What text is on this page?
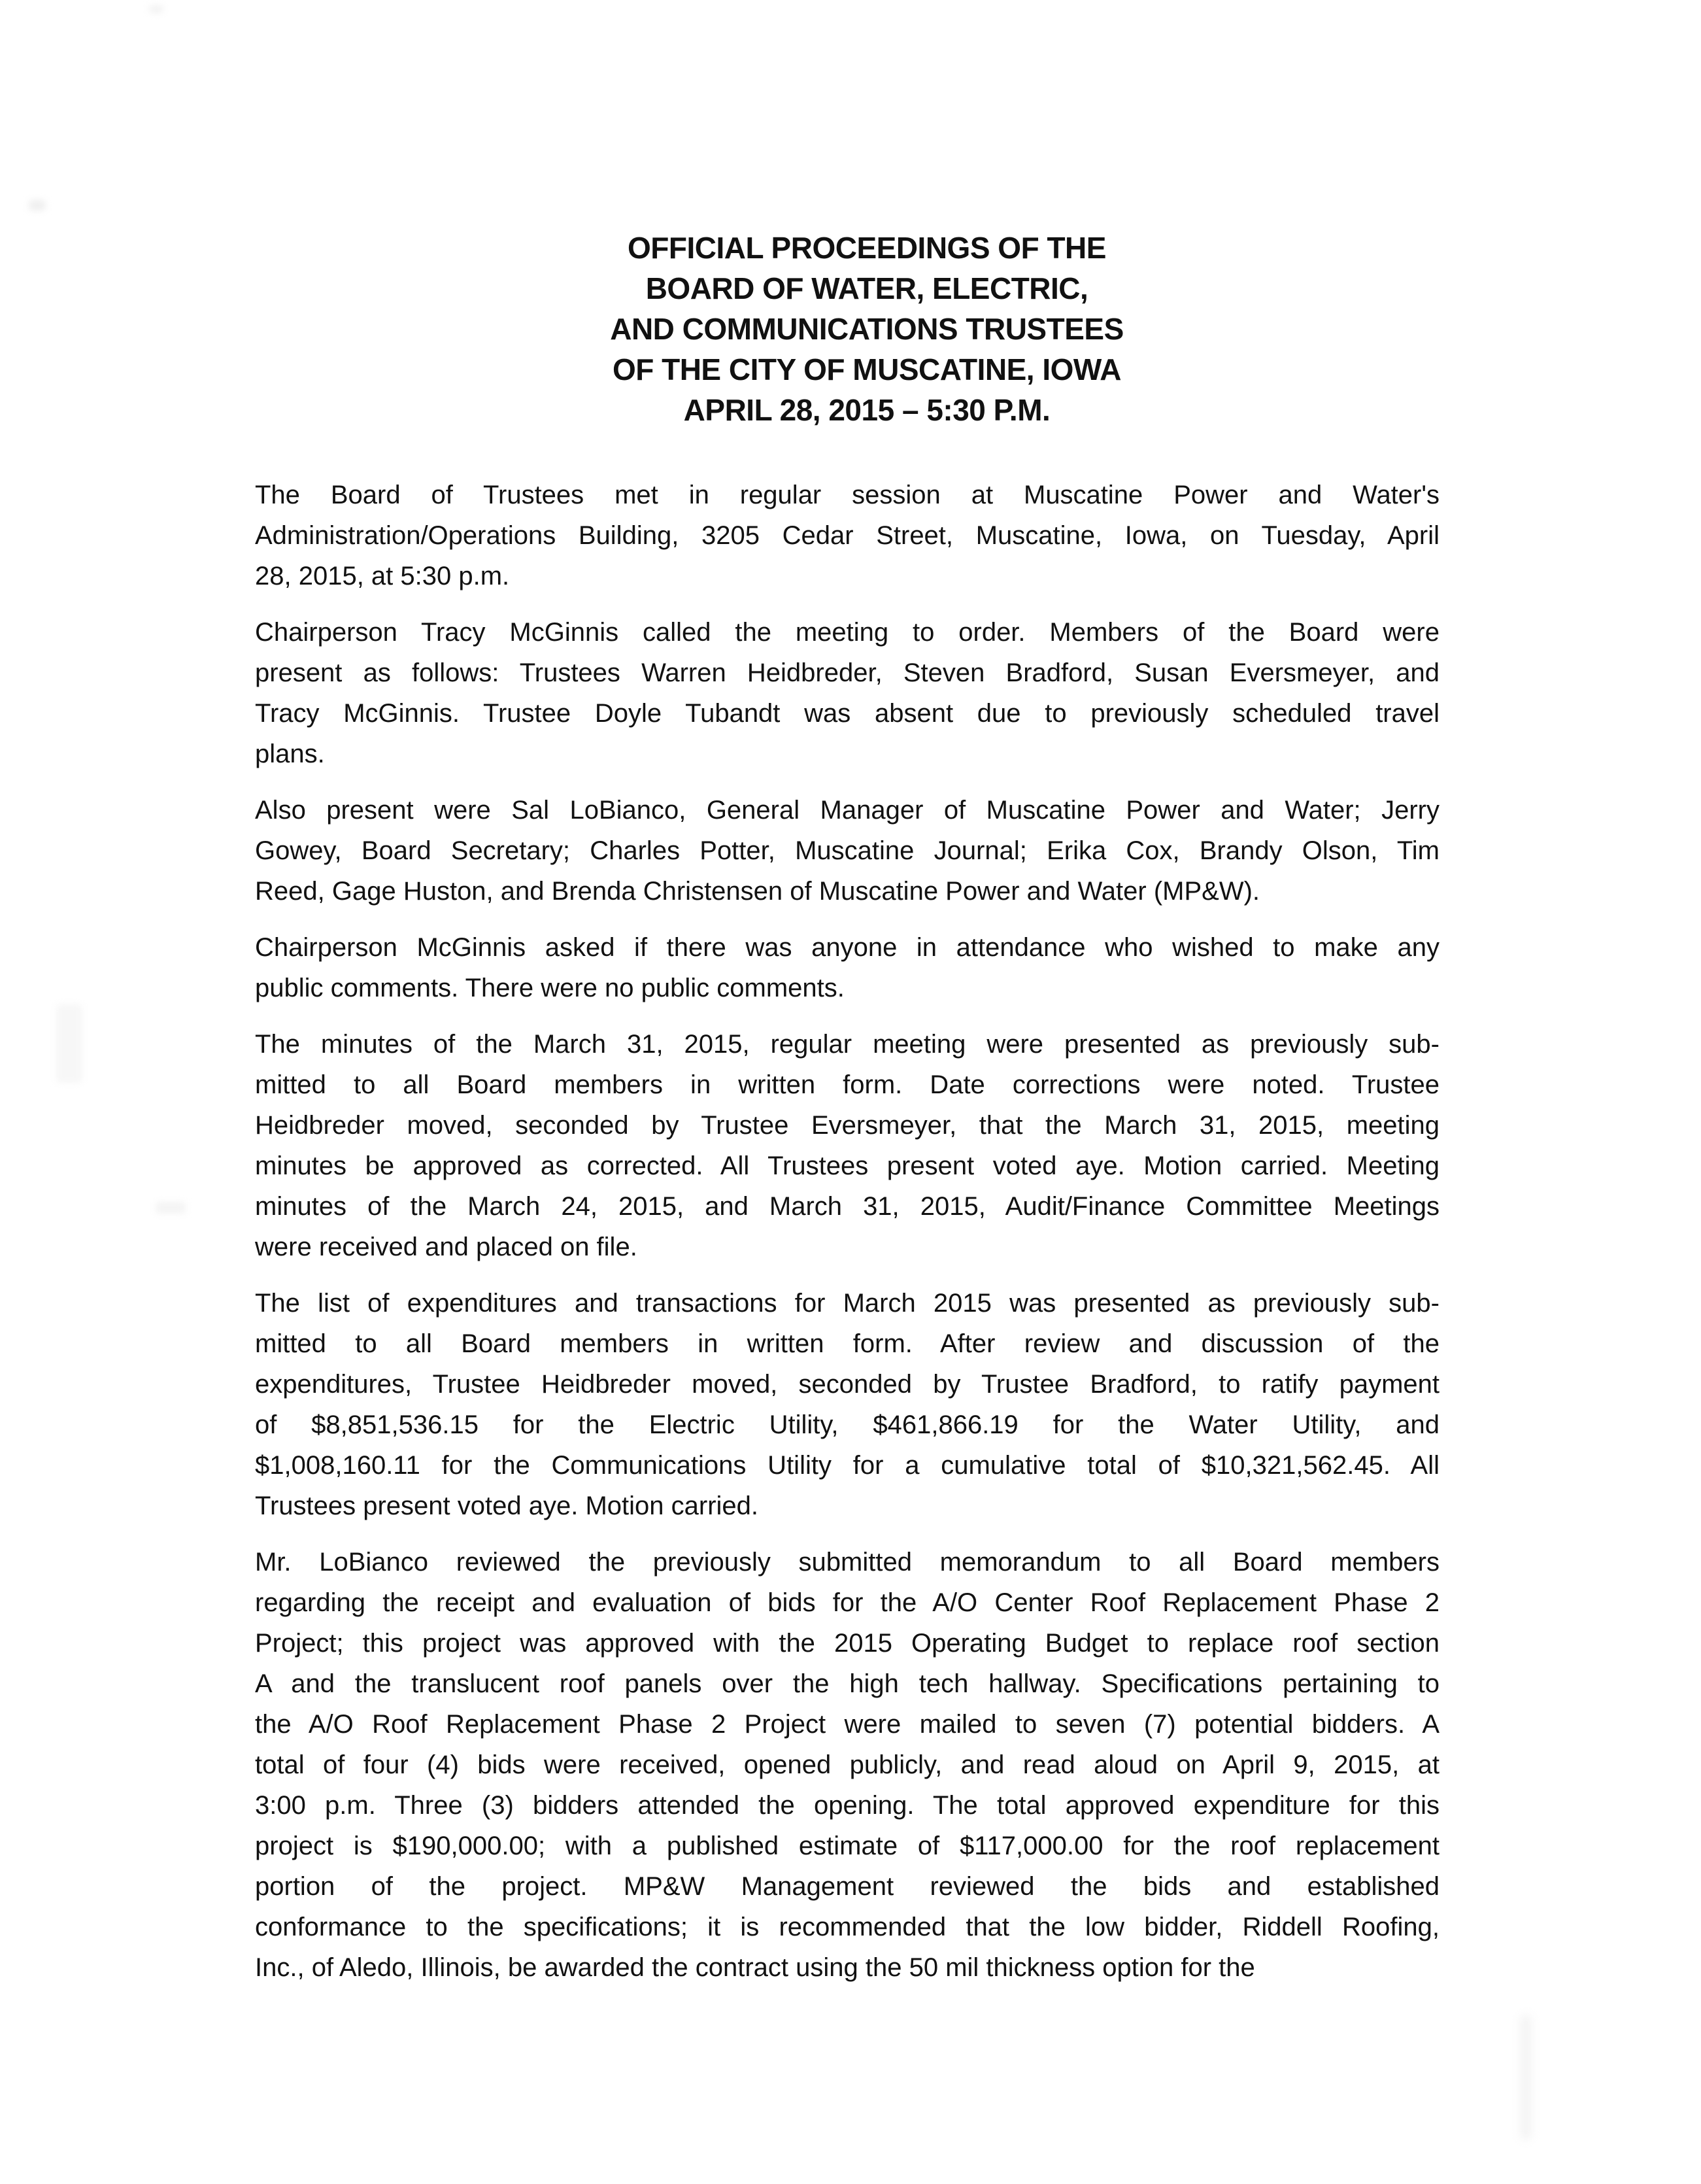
OFFICIAL PROCEEDINGS OF THE
BOARD OF WATER, ELECTRIC,
AND COMMUNICATIONS TRUSTEES
OF THE CITY OF MUSCATINE, IOWA
APRIL 28, 2015 – 5:30 P.M.

The Board of Trustees met in regular session at Muscatine Power and Water's
Administration/Operations Building, 3205 Cedar Street, Muscatine, Iowa, on Tuesday, April
28, 2015, at 5:30 p.m.

Chairperson Tracy McGinnis called the meeting to order. Members of the Board were
present as follows: Trustees Warren Heidbreder, Steven Bradford, Susan Eversmeyer, and
Tracy McGinnis. Trustee Doyle Tubandt was absent due to previously scheduled travel
plans.

Also present were Sal LoBianco, General Manager of Muscatine Power and Water; Jerry
Gowey, Board Secretary; Charles Potter, Muscatine Journal; Erika Cox, Brandy Olson, Tim
Reed, Gage Huston, and Brenda Christensen of Muscatine Power and Water (MP&W).

Chairperson McGinnis asked if there was anyone in attendance who wished to make any
public comments. There were no public comments.

The minutes of the March 31, 2015, regular meeting were presented as previously sub-
mitted to all Board members in written form. Date corrections were noted. Trustee
Heidbreder moved, seconded by Trustee Eversmeyer, that the March 31, 2015, meeting
minutes be approved as corrected. All Trustees present voted aye. Motion carried. Meeting
minutes of the March 24, 2015, and March 31, 2015, Audit/Finance Committee Meetings
were received and placed on file.

The list of expenditures and transactions for March 2015 was presented as previously sub-
mitted to all Board members in written form. After review and discussion of the
expenditures, Trustee Heidbreder moved, seconded by Trustee Bradford, to ratify payment
of $8,851,536.15 for the Electric Utility, $461,866.19 for the Water Utility, and
$1,008,160.11 for the Communications Utility for a cumulative total of $10,321,562.45. All
Trustees present voted aye. Motion carried.

Mr. LoBianco reviewed the previously submitted memorandum to all Board members
regarding the receipt and evaluation of bids for the A/O Center Roof Replacement Phase 2
Project; this project was approved with the 2015 Operating Budget to replace roof section
A and the translucent roof panels over the high tech hallway. Specifications pertaining to
the A/O Roof Replacement Phase 2 Project were mailed to seven (7) potential bidders. A
total of four (4) bids were received, opened publicly, and read aloud on April 9, 2015, at
3:00 p.m. Three (3) bidders attended the opening. The total approved expenditure for this
project is $190,000.00; with a published estimate of $117,000.00 for the roof replacement
portion of the project. MP&W Management reviewed the bids and established
conformance to the specifications; it is recommended that the low bidder, Riddell Roofing,
Inc., of Aledo, Illinois, be awarded the contract using the 50 mil thickness option for the
